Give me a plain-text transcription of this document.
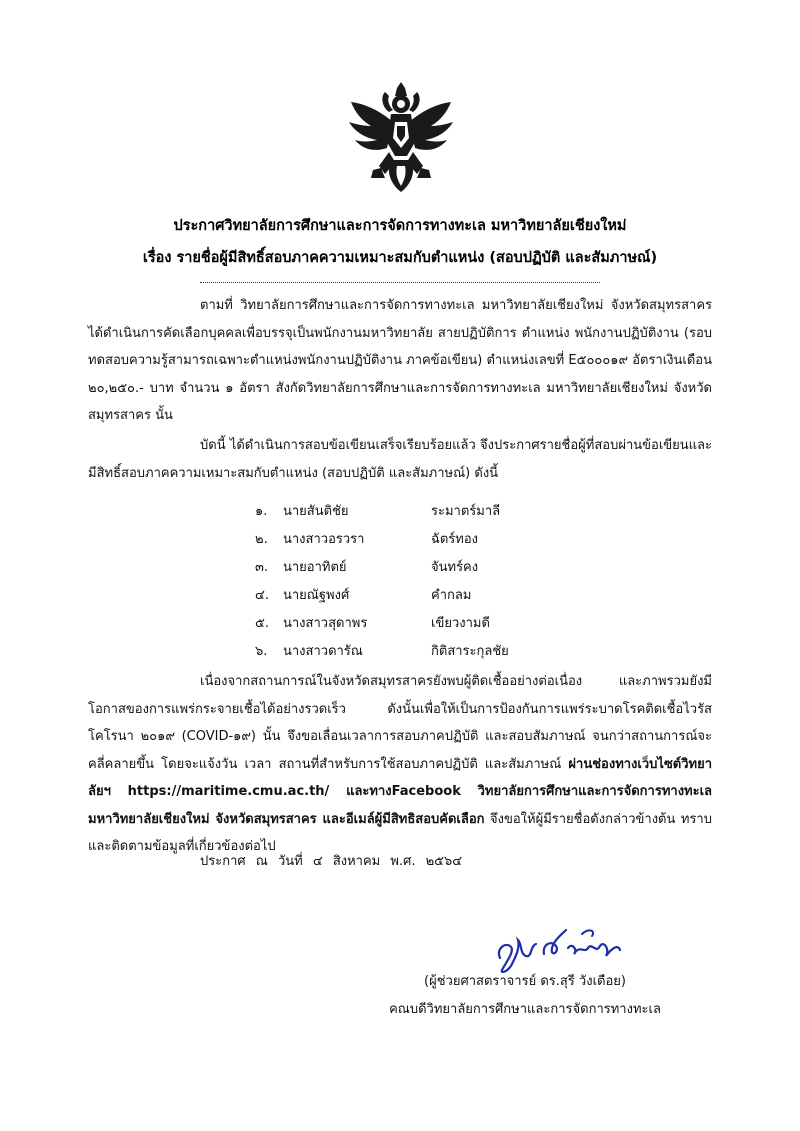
ประกาศวิทยาลัยการศึกษาและการจัดการทางทะเล มหาวิทยาลัยเชียงใหม่
เรื่อง รายชื่อผู้มีสิทธิ์สอบภาคความเหมาะสมกับตำแหน่ง (สอบปฏิบัติ และสัมภาษณ์)

ตามที่ วิทยาลัยการศึกษาและการจัดการทางทะเล มหาวิทยาลัยเชียงใหม่ จังหวัดสมุทรสาคร ได้ดำเนินการคัดเลือกบุคคลเพื่อบรรจุเป็นพนักงานมหาวิทยาลัย สายปฏิบัติการ ตำแหน่ง พนักงานปฏิบัติงาน (รอบทดสอบความรู้สามารถเฉพาะตำแหน่งพนักงานปฏิบัติงาน ภาคข้อเขียน) ตำแหน่งเลขที่ E๕๐๐๐๑๙ อัตราเงินเดือน ๒๐,๒๕๐.- บาท จำนวน ๑ อัตรา สังกัดวิทยาลัยการศึกษาและการจัดการทางทะเล มหาวิทยาลัยเชียงใหม่ จังหวัดสมุทรสาคร นั้น

บัดนี้ ได้ดำเนินการสอบข้อเขียนเสร็จเรียบร้อยแล้ว จึงประกาศรายชื่อผู้ที่สอบผ่านข้อเขียนและมีสิทธิ์สอบภาคความเหมาะสมกับตำแหน่ง (สอบปฏิบัติ และสัมภาษณ์) ดังนี้

๑.	นายสันติชัย	ระมาตร์มาลี
๒.	นางสาวอรวรา	ฉัตร์ทอง
๓.	นายอาทิตย์	จันทร์คง
๔.	นายณัฐพงศ์	คำกลม
๕.	นางสาวสุดาพร	เขียวงามดี
๖.	นางสาวดารัณ	กิติสาระกุลชัย

เนื่องจากสถานการณ์ในจังหวัดสมุทรสาครยังพบผู้ติดเชื้ออย่างต่อเนื่อง และภาพรวมยังมีโอกาสของการแพร่กระจายเชื้อได้อย่างรวดเร็ว ดังนั้นเพื่อให้เป็นการป้องกันการแพร่ระบาดโรคติดเชื้อไวรัสโคโรนา ๒๐๑๙ (COVID-๑๙) นั้น จึงขอเลื่อนเวลาการสอบภาคปฏิบัติ และสอบสัมภาษณ์ จนกว่าสถานการณ์จะคลี่คลายขึ้น โดยจะแจ้งวัน เวลา สถานที่สำหรับการใช้สอบภาคปฏิบัติ และสัมภาษณ์ ผ่านช่องทางเว็บไซต์วิทยาลัยฯ https://maritime.cmu.ac.th/ และทางFacebook วิทยาลัยการศึกษาและการจัดการทางทะเล มหาวิทยาลัยเชียงใหม่ จังหวัดสมุทรสาคร และอีเมล์ผู้มีสิทธิสอบคัดเลือก จึงขอให้ผู้มีรายชื่อดังกล่าวข้างต้น ทราบและติดตามข้อมูลที่เกี่ยวข้องต่อไป

ประกาศ ณ วันที่ ๔ สิงหาคม พ.ศ. ๒๕๖๔
(ผู้ช่วยศาสตราจารย์ ดร.สุรี วังเตือย)
คณบดีวิทยาลัยการศึกษาและการจัดการทางทะเล
